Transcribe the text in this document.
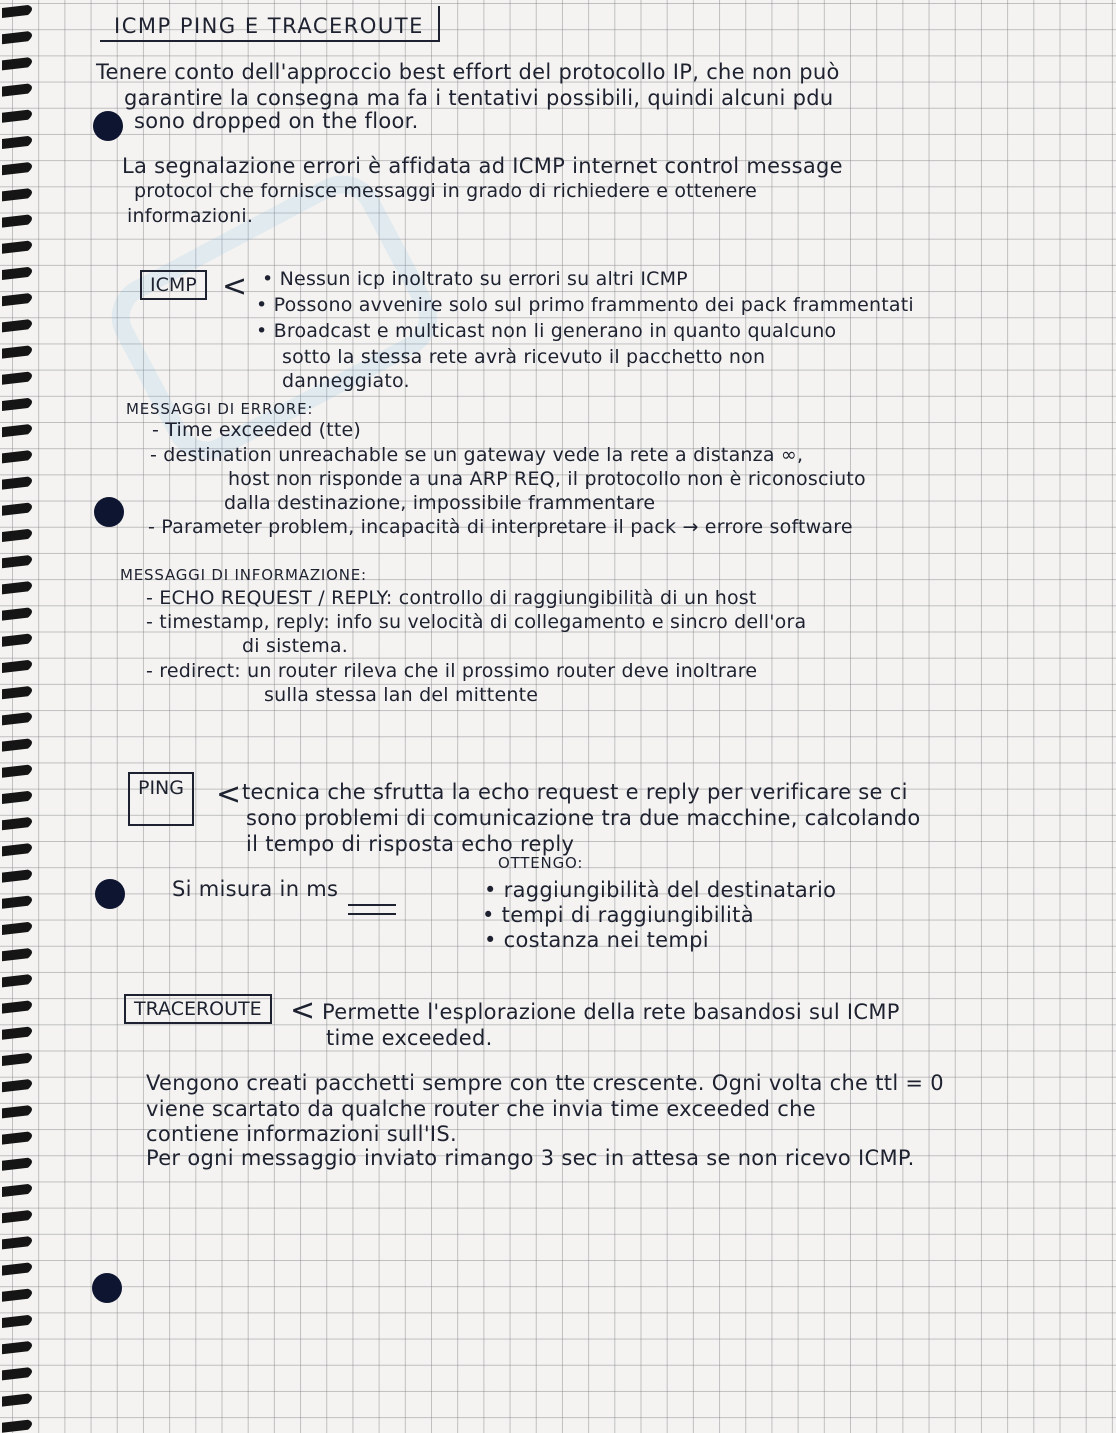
ICMP PING E TRACEROUTE
Tenere conto dell'approccio best effort del protocollo IP, che non può
garantire la consegna ma fa i tentativi possibili, quindi alcuni pdu
sono dropped on the floor.
La segnalazione errori è affidata ad ICMP internet control message
protocol che fornisce messaggi in grado di richiedere e ottenere
informazioni.
ICMP < • Nessun icp inoltrato su errori su altri ICMP
• Possono avvenire solo sul primo frammento dei pack frammentati
• Broadcast e multicast non li generano in quanto qualcuno
sotto la stessa rete avrà ricevuto il pacchetto non
danneggiato.
MESSAGGI DI ERRORE:
- Time exceeded (tte)
- destination unreachable se un gateway vede la rete a distanza ∞,
host non risponde a una ARP REQ, il protocollo non è riconosciuto
dalla destinazione, impossibile frammentare
- Parameter problem, incapacità di interpretare il pack → errore software
MESSAGGI DI INFORMAZIONE:
- ECHO REQUEST / REPLY: controllo di raggiungibilità di un host
- timestamp, reply: info su velocità di collegamento e sincro dell'ora
di sistema.
- redirect: un router rileva che il prossimo router deve inoltrare
sulla stessa lan del mittente
PING	< tecnica che sfrutta la echo request e reply per verificare se ci
sono problemi di comunicazione tra due macchine, calcolando
il tempo di risposta echo reply
OTTENGO:
Si misura in ms	• raggiungibilità del destinatario
• tempi di raggiungibilità
• costanza nei tempi
TRACEROUTE < Permette l'esplorazione della rete basandosi sul ICMP
time exceeded.
Vengono creati pacchetti sempre con tte crescente. Ogni volta che ttl = 0
viene scartato da qualche router che invia time exceeded che
contiene informazioni sull'IS.
Per ogni messaggio inviato rimango 3 sec in attesa se non ricevo ICMP.
